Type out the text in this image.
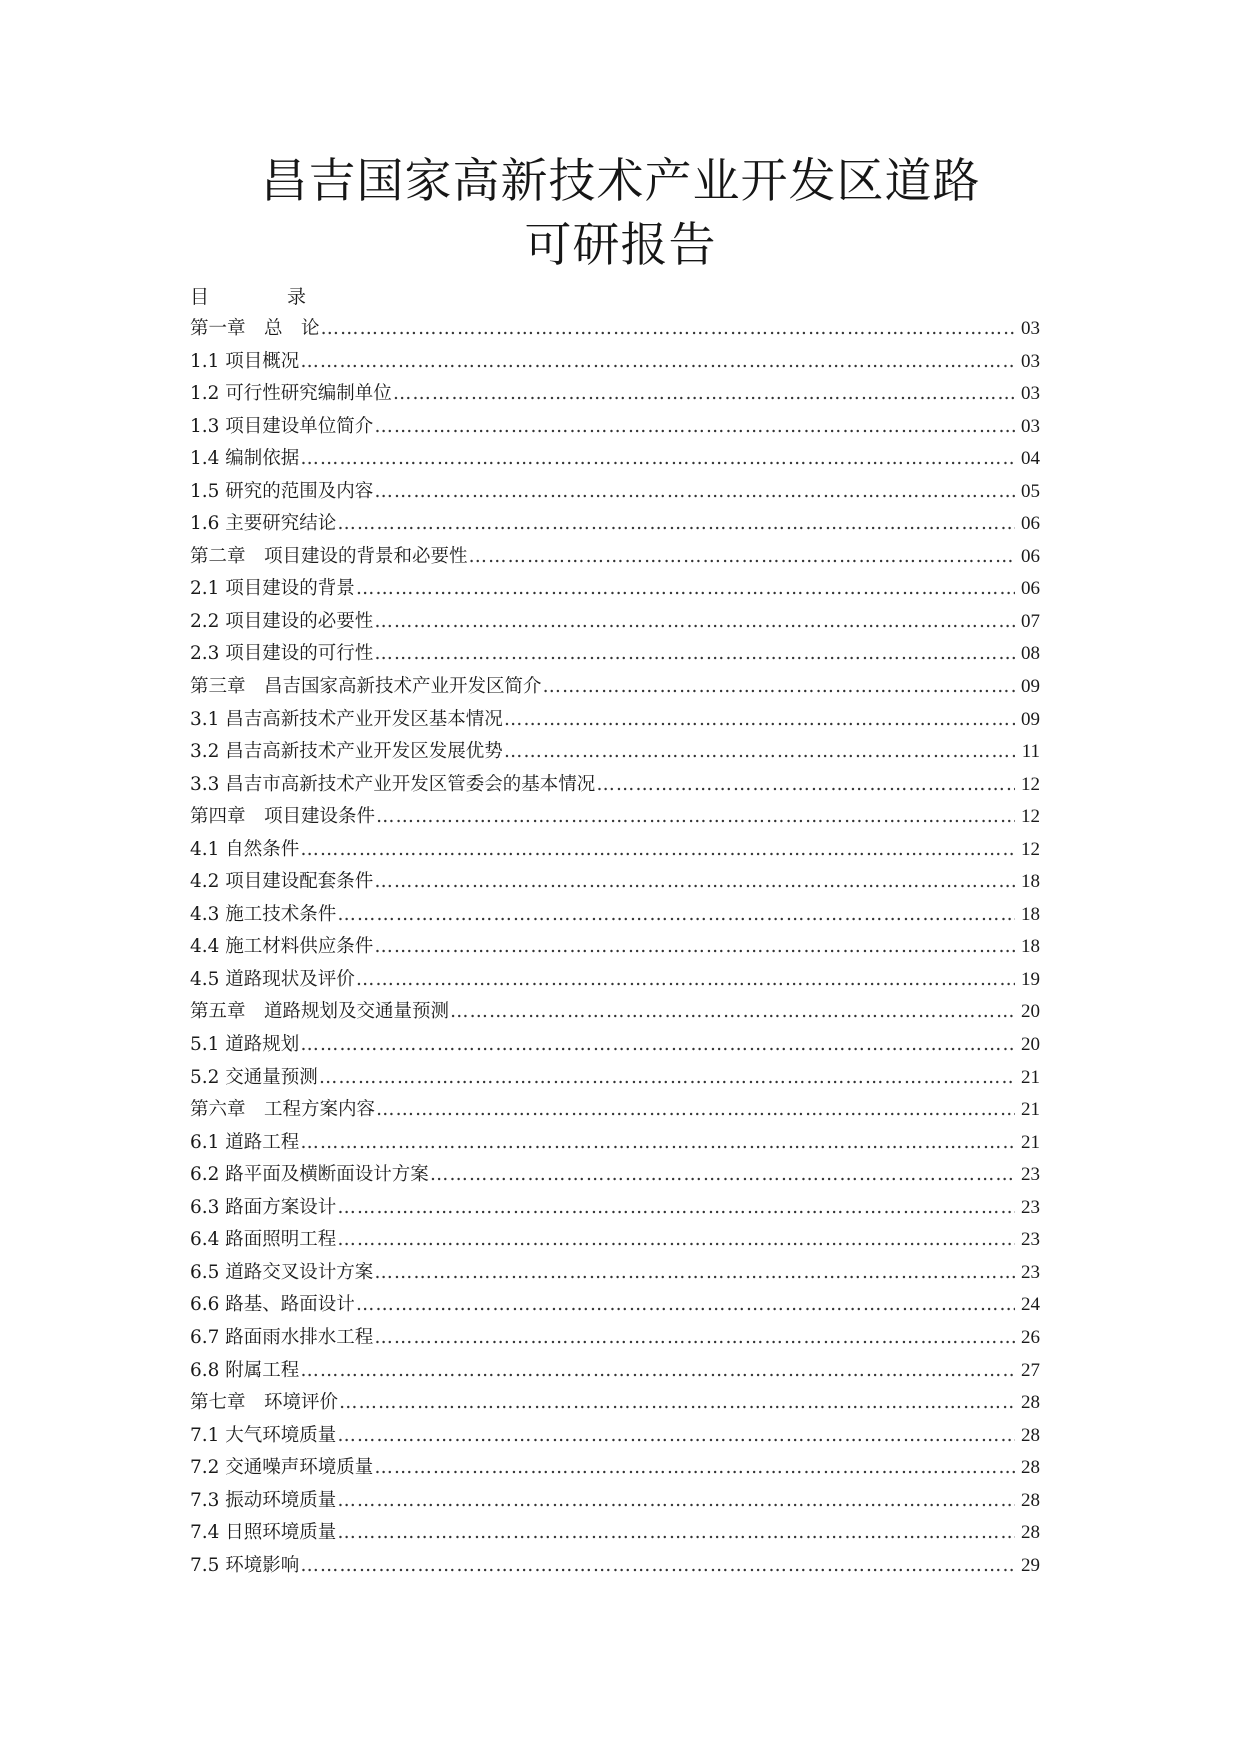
昌吉国家高新技术产业开发区道路
可研报告
目	录
第一章　总　论 ……………………………………………………………………………………………………………………………………………………………………………………………………………………………………………………………………	03
1.1 项目概况 ……………………………………………………………………………………………………………………………………………………………………………………………………………………………………………………………………	03
1.2 可行性研究编制单位 ……………………………………………………………………………………………………………………………………………………………………………………………………………………………………………………………………	03
1.3 项目建设单位简介 ……………………………………………………………………………………………………………………………………………………………………………………………………………………………………………………………………	03
1.4 编制依据 ……………………………………………………………………………………………………………………………………………………………………………………………………………………………………………………………………	04
1.5 研究的范围及内容 ……………………………………………………………………………………………………………………………………………………………………………………………………………………………………………………………………	05
1.6 主要研究结论 ……………………………………………………………………………………………………………………………………………………………………………………………………………………………………………………………………	06
第二章　项目建设的背景和必要性 ……………………………………………………………………………………………………………………………………………………………………………………………………………………………………………………………………	06
2.1 项目建设的背景 ……………………………………………………………………………………………………………………………………………………………………………………………………………………………………………………………………	06
2.2 项目建设的必要性 ……………………………………………………………………………………………………………………………………………………………………………………………………………………………………………………………………	07
2.3 项目建设的可行性 ……………………………………………………………………………………………………………………………………………………………………………………………………………………………………………………………………	08
第三章　昌吉国家高新技术产业开发区简介 ……………………………………………………………………………………………………………………………………………………………………………………………………………………………………………………………………	09
3.1 昌吉高新技术产业开发区基本情况 ……………………………………………………………………………………………………………………………………………………………………………………………………………………………………………………………………	09
3.2 昌吉高新技术产业开发区发展优势 ……………………………………………………………………………………………………………………………………………………………………………………………………………………………………………………………………	11
3.3 昌吉市高新技术产业开发区管委会的基本情况 ……………………………………………………………………………………………………………………………………………………………………………………………………………………………………………………………………	12
第四章　项目建设条件 ……………………………………………………………………………………………………………………………………………………………………………………………………………………………………………………………………	12
4.1 自然条件 ……………………………………………………………………………………………………………………………………………………………………………………………………………………………………………………………………	12
4.2 项目建设配套条件 ……………………………………………………………………………………………………………………………………………………………………………………………………………………………………………………………………	18
4.3 施工技术条件 ……………………………………………………………………………………………………………………………………………………………………………………………………………………………………………………………………	18
4.4 施工材料供应条件 ……………………………………………………………………………………………………………………………………………………………………………………………………………………………………………………………………	18
4.5 道路现状及评价 ……………………………………………………………………………………………………………………………………………………………………………………………………………………………………………………………………	19
第五章　道路规划及交通量预测 ……………………………………………………………………………………………………………………………………………………………………………………………………………………………………………………………………	20
5.1 道路规划 ……………………………………………………………………………………………………………………………………………………………………………………………………………………………………………………………………	20
5.2 交通量预测 ……………………………………………………………………………………………………………………………………………………………………………………………………………………………………………………………………	21
第六章　工程方案内容 ……………………………………………………………………………………………………………………………………………………………………………………………………………………………………………………………………	21
6.1 道路工程 ……………………………………………………………………………………………………………………………………………………………………………………………………………………………………………………………………	21
6.2 路平面及横断面设计方案 ……………………………………………………………………………………………………………………………………………………………………………………………………………………………………………………………………	23
6.3 路面方案设计 ……………………………………………………………………………………………………………………………………………………………………………………………………………………………………………………………………	23
6.4 路面照明工程 ……………………………………………………………………………………………………………………………………………………………………………………………………………………………………………………………………	23
6.5 道路交叉设计方案 ……………………………………………………………………………………………………………………………………………………………………………………………………………………………………………………………………	23
6.6 路基、路面设计 ……………………………………………………………………………………………………………………………………………………………………………………………………………………………………………………………………	24
6.7 路面雨水排水工程 ……………………………………………………………………………………………………………………………………………………………………………………………………………………………………………………………………	26
6.8 附属工程 ……………………………………………………………………………………………………………………………………………………………………………………………………………………………………………………………………	27
第七章　环境评价 ……………………………………………………………………………………………………………………………………………………………………………………………………………………………………………………………………	28
7.1 大气环境质量 ……………………………………………………………………………………………………………………………………………………………………………………………………………………………………………………………………	28
7.2 交通噪声环境质量 ……………………………………………………………………………………………………………………………………………………………………………………………………………………………………………………………………	28
7.3 振动环境质量 ……………………………………………………………………………………………………………………………………………………………………………………………………………………………………………………………………	28
7.4 日照环境质量 ……………………………………………………………………………………………………………………………………………………………………………………………………………………………………………………………………	28
7.5 环境影响 ……………………………………………………………………………………………………………………………………………………………………………………………………………………………………………………………………	29
